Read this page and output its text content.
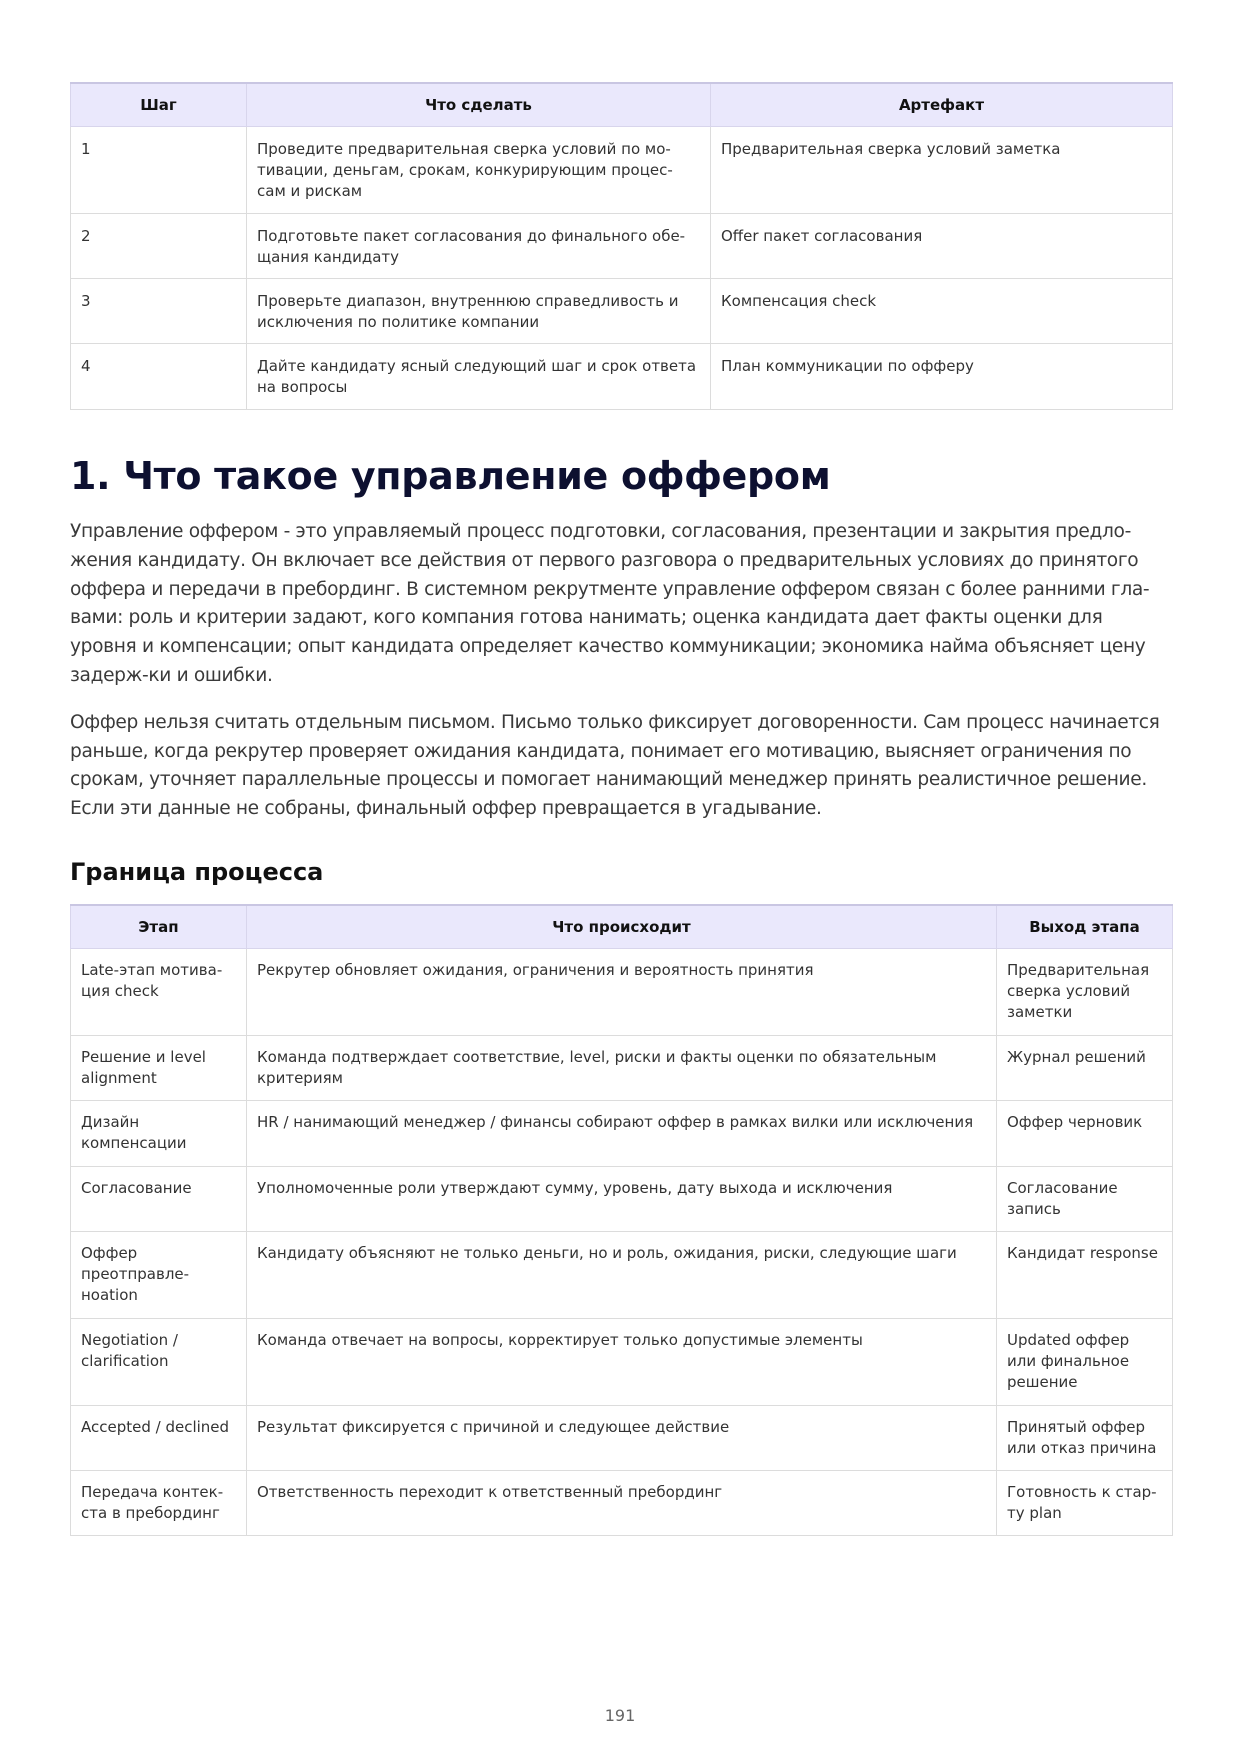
Шаг	Что сделать	Артефакт
1	Проведите предварительная сверка условий по мо-тивации, деньгам, срокам, конкурирующим процес-сам и рискам	Предварительная сверка условий заметка
2	Подготовьте пакет согласования до финального обе-щания кандидату	Offer пакет согласования
3	Проверьте диапазон, внутреннюю справедливость и исключения по политике компании	Компенсация check
4	Дайте кандидату ясный следующий шаг и срок ответа на вопросы	План коммуникации по офферу
1. Что такое управление оффером

Управление оффером - это управляемый процесс подготовки, согласования, презентации и закрытия предло-жения кандидату. Он включает все действия от первого разговора о предварительных условиях до принятого оффера и передачи в пребординг. В системном рекрутменте управление оффером связан с более ранними гла-вами: роль и критерии задают, кого компания готова нанимать; оценка кандидата дает факты оценки для уровня и компенсации; опыт кандидата определяет качество коммуникации; экономика найма объясняет цену задерж-ки и ошибки.

Оффер нельзя считать отдельным письмом. Письмо только фиксирует договоренности. Сам процесс начинается раньше, когда рекрутер проверяет ожидания кандидата, понимает его мотивацию, выясняет ограничения по срокам, уточняет параллельные процессы и помогает нанимающий менеджер принять реалистичное решение. Если эти данные не собраны, финальный оффер превращается в угадывание.

Граница процесса
Этап	Что происходит	Выход этапа
Late-этап мотива-ция check	Рекрутер обновляет ожидания, ограничения и вероятность принятия	Предварительная сверка условий заметки
Решение и level alignment	Команда подтверждает соответствие, level, риски и факты оценки по обязательным критериям	Журнал решений
Дизайн компенсации	HR / нанимающий менеджер / финансы собирают оффер в рамках вилки или исключения	Оффер черновик
Согласование	Уполномоченные роли утверждают сумму, уровень, дату выхода и исключения	Согласование запись
Оффер преотправле-ноation	Кандидату объясняют не только деньги, но и роль, ожидания, риски, следующие шаги	Кандидат response
Negotiation / clarification	Команда отвечает на вопросы, корректирует только допустимые элементы	Updated оффер или финальное решение
Accepted / declined	Результат фиксируется с причиной и следующее действие	Принятый оффер или отказ причина
Передача контек-ста в пребординг	Ответственность переходит к ответственный пребординг	Готовность к стар-ту plan
191
